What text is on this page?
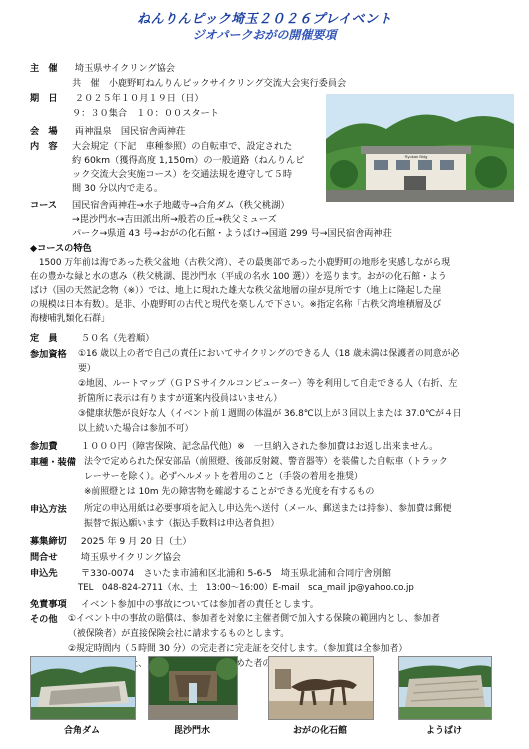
ねんりんピック埼玉２０２６プレイベント
ジオパークおがの開催要項
主　催 埼玉県サイクリング協会
共　催　小鹿野町ねんりんピックサイクリング交流大会実行委員会
期　日 ２０２５年１０月１９日（日）
９：３０集合　１０：００スタート
会　場 両神温泉　国民宿舎両神荘
内　容 大会規定（下記　車種参照）の自転車で、設定された
約 60km（獲得高度 1,150m）の一般道路（ねんりんピ
ック交流大会実施コース）を交通法規を遵守して５時
間 30 分以内で走る。
Ryokan Bldg
コース 国民宿舎両神荘→水子地蔵寺→合角ダム（秩父桃湖）
→毘沙門水→吉田派出所→般若の丘→秩父ミューズ
パーク→県道 43 号→おがの化石館・ようばけ→国道 299 号→国民宿舎両神荘
◆コースの特色
　1500 万年前は海であった秩父盆地（古秩父湾）、その最奥部であった小鹿野町の地形を実感しながら現
在の豊かな緑と水の恵み（秩父桃湖、毘沙門水（平成の名水 100 選））を巡ります。おがの化石館・よう
ばけ（国の天然記念物（※））では、地上に現れた雄大な秩父盆地層の崖が見所です（地上に隆起した崖
の規模は日本有数）。是非、小鹿野町の古代と現代を楽しんで下さい。※指定名称「古秩父湾堆積層及び
海棲哺乳類化石群」
定　員	５０名（先着順）
参加資格 ①16 歳以上の者で自己の責任においてサイクリングのできる人（18 歳未満は保護者の同意が必
要）
②地図、ルートマップ（ＧＰＳサイクルコンピューター）等を利用して自走できる人（右折、左
折箇所に表示は有りますが道案内役員はいません）
③健康状態が良好な人（イベント前１週間の体温が 36.8℃以上が３回以上または 37.0℃が４日
以上続いた場合は参加不可）
参加費	１０００円（障害保険、記念品代他）※　一旦納入された参加費はお返し出来ません。
車種・装備 法令で定められた保安部品（前照燈、後部反射鏡、警音器等）を装備した自転車（トラック
レーサーを除く）。必ずヘルメットを着用のこと（手袋の着用を推奨）
※前照燈とは 10m 先の障害物を確認することができる光度を有するもの
申込方法 所定の申込用紙は必要事項を記入し申込先へ送付（メール、郵送または持参）、参加費は郵便
振替で振込願います（振込手数料は申込者負担）
募集締切 2025 年 9 月 20 日（土）
問合せ	埼玉県サイクリング協会
申込先	〒330-0074　さいたま市浦和区北浦和 5-6-5　埼玉県北浦和合同庁舎別館
TEL　048-824-2711（水、土　13:00～16:00）E-mail　sca_mail jp@yahoo.co.jp
免責事項 イベント参加中の事故については参加者の責任とします。
その他 ①イベント中の事故の賠償は、参加者を対象に主催者側で加入する保険の範囲内とし、参加者
（被保険者）が直接保険会社に請求するものとします。
②規定時間内（５時間 30 分）の完走者に完走証を交付します。（参加賞は全参加者）
合角ダム	毘沙門水	おがの化石館	ようばけ
